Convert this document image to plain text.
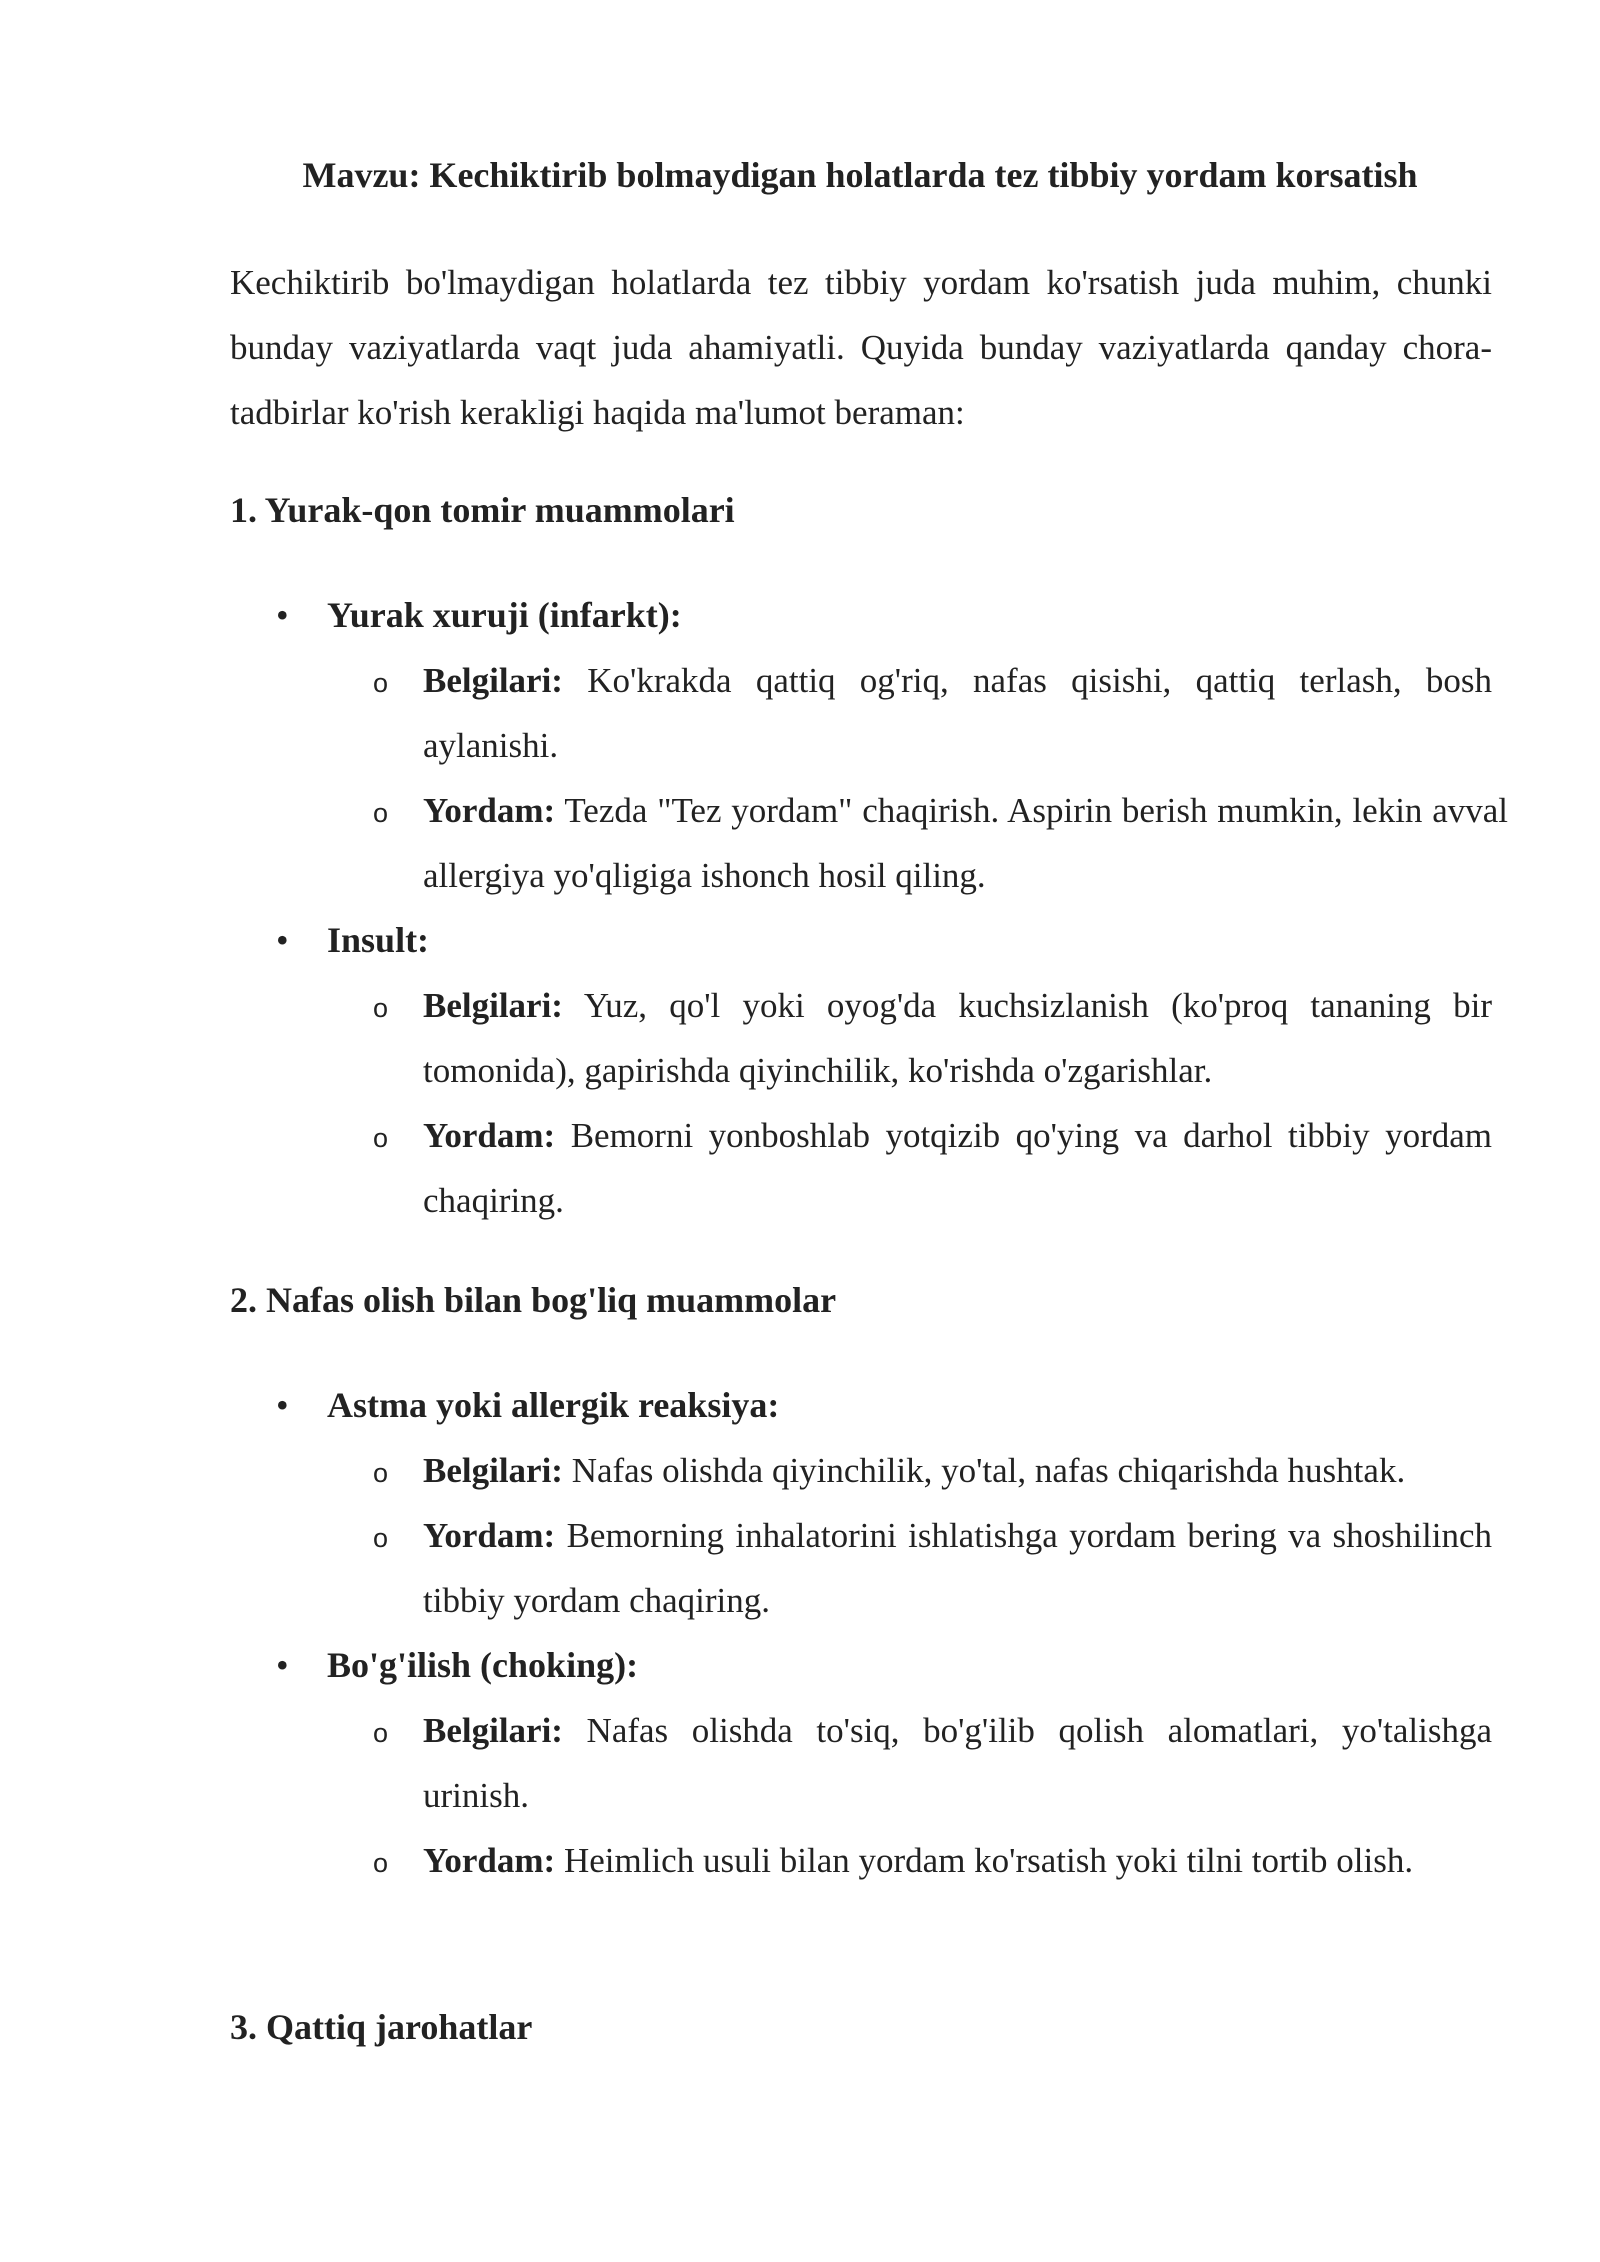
Mavzu: Kechiktirib bolmaydigan holatlarda tez tibbiy yordam korsatish

Kechiktirib bo'lmaydigan holatlarda tez tibbiy yordam ko'rsatish juda muhim, chunki bunday vaziyatlarda vaqt juda ahamiyatli. Quyida bunday vaziyatlarda qanday chora-tadbirlar ko'rish kerakligi haqida ma'lumot beraman:

1. Yurak-qon tomir muammolari
• Yurak xuruji (infarkt):
o Belgilari: Ko'krakda qattiq og'riq, nafas qisishi, qattiq terlash, bosh aylanishi.
o Yordam: Tezda "Tez yordam" chaqirish. Aspirin berish mumkin, lekin avval allergiya yo'qligiga ishonch hosil qiling.
• Insult:
o Belgilari: Yuz, qo'l yoki oyog'da kuchsizlanish (ko'proq tananing bir tomonida), gapirishda qiyinchilik, ko'rishda o'zgarishlar.
o Yordam: Bemorni yonboshlab yotqizib qo'ying va darhol tibbiy yordam chaqiring.
2. Nafas olish bilan bog'liq muammolar
• Astma yoki allergik reaksiya:
o Belgilari: Nafas olishda qiyinchilik, yo'tal, nafas chiqarishda hushtak.
o Yordam: Bemorning inhalatorini ishlatishga yordam bering va shoshilinch tibbiy yordam chaqiring.
• Bo'g'ilish (choking):
o Belgilari: Nafas olishda to'siq, bo'g'ilib qolish alomatlari, yo'talishga urinish.
o Yordam: Heimlich usuli bilan yordam ko'rsatish yoki tilni tortib olish.
3. Qattiq jarohatlar
